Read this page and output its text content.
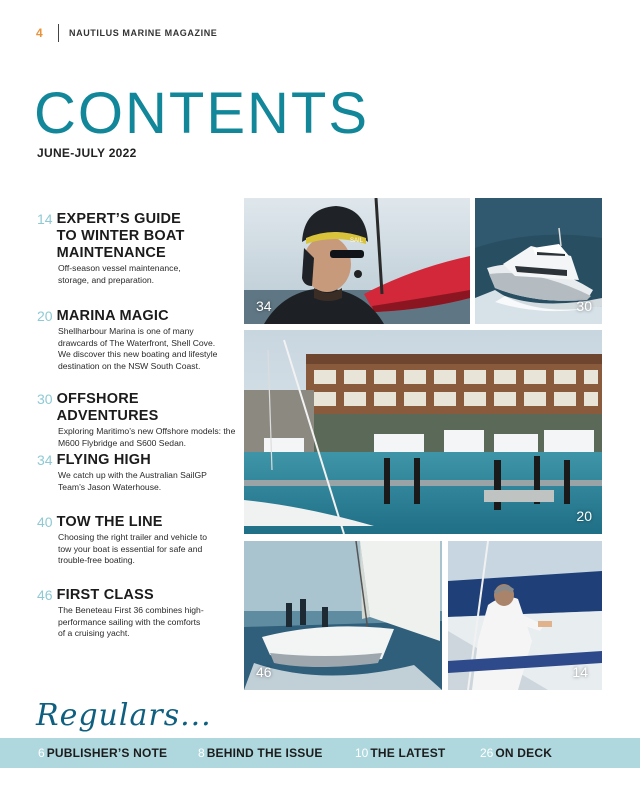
4	NAUTILUS MARINE MAGAZINE
CONTENTS
JUNE-JULY 2022
14 EXPERT’S GUIDE TO WINTER BOAT MAINTENANCE
Off-season vessel maintenance, storage, and preparation.
20 MARINA MAGIC
Shellharbour Marina is one of many drawcards of The Waterfront, Shell Cove. We discover this new boating and lifestyle destination on the NSW South Coast.
30 OFFSHORE ADVENTURES
Exploring Maritimo’s new Offshore models: the M600 Flybridge and S600 Sedan.
34 FLYING HIGH
We catch up with the Australian SailGP Team’s Jason Waterhouse.
40 TOW THE LINE
Choosing the right trailer and vehicle to tow your boat is essential for safe and trouble-free boating.
46 FIRST CLASS
The Beneteau First 36 combines high-performance sailing with the comforts of a cruising yacht.
SAIL
34	30
20
46	14
Regulars...
6 PUBLISHER’S NOTE	8 BEHIND THE ISSUE	10 THE LATEST	26 ON DECK
